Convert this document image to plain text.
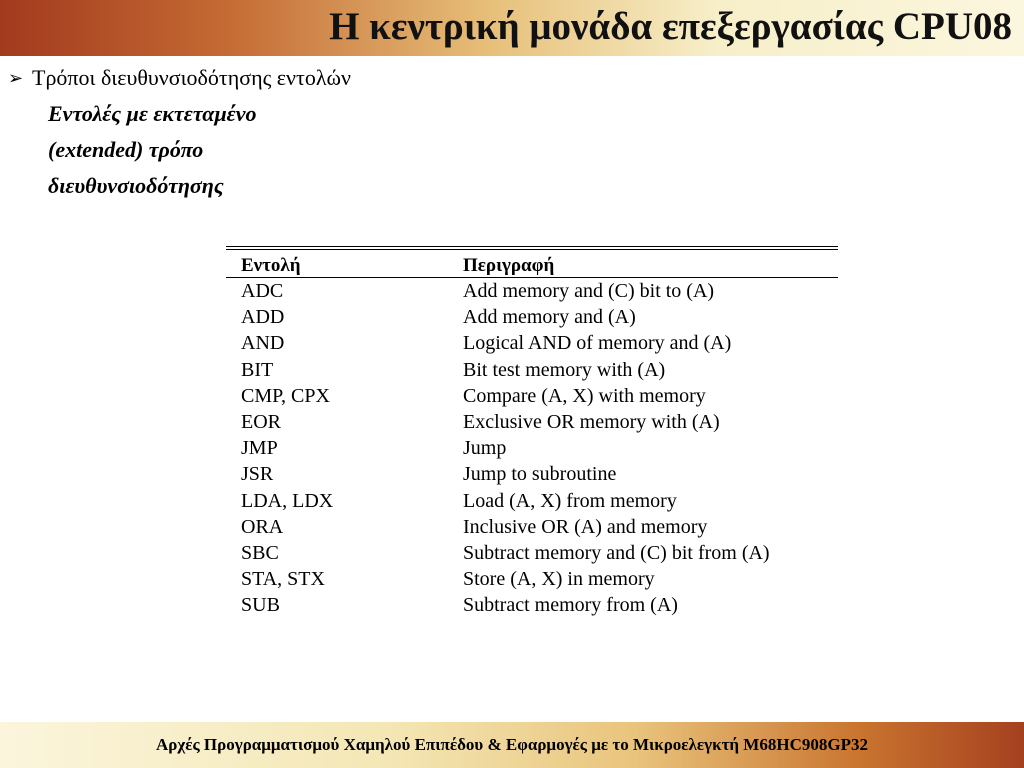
Η κεντρική μονάδα επεξεργασίας CPU08
➢ Τρόποι διευθυνσιοδότησης εντολών
Εντολές με εκτεταμένο
(extended) τρόπο
διευθυνσιοδότησης
Εντολή	Περιγραφή
ADC	Add memory and (C) bit to (A)
ADD	Add memory and (A)
AND	Logical AND of memory and (A)
BIT	Bit test memory with (A)
CMP, CPX	Compare (A, X) with memory
EOR	Exclusive OR memory with (A)
JMP	Jump
JSR	Jump to subroutine
LDA, LDX	Load (A, X) from memory
ORA	Inclusive OR (A) and memory
SBC	Subtract memory and (C) bit from (A)
STA, STX	Store (A, X) in memory
SUB	Subtract memory from (A)
Αρχές Προγραμματισμού Χαμηλού Επιπέδου & Εφαρμογές με το Μικροελεγκτή M68HC908GP32
